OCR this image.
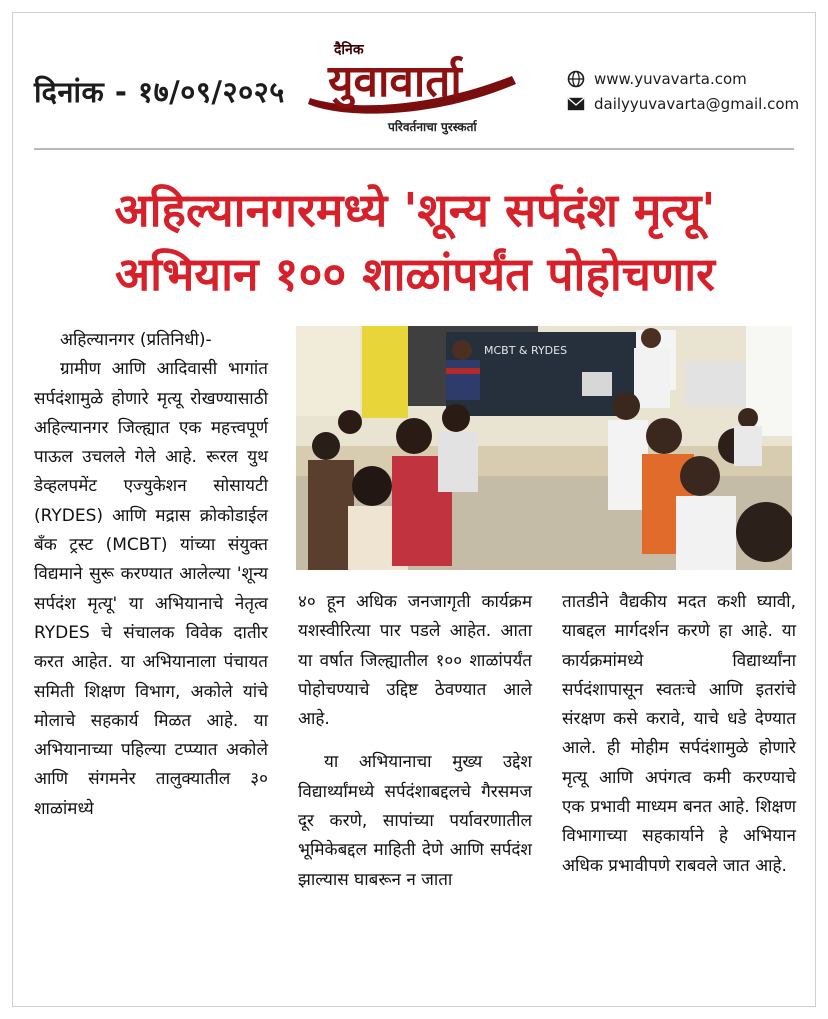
दिनांक - १७/०९/२०२५
दैनिक
युवावार्ता
परिवर्तनाचा पुरस्कर्ता
www.yuvavarta.com
dailyyuvavarta@gmail.com
अहिल्यानगरमध्ये 'शून्य सर्पदंश मृत्यू'
अभियान १०० शाळांपर्यंत पोहोचणार

अहिल्यानगर (प्रतिनिधी)-

ग्रामीण आणि आदिवासी भागांत सर्पदंशामुळे होणारे मृत्यू रोखण्यासाठी अहिल्यानगर जिल्ह्यात एक महत्त्वपूर्ण पाऊल उचलले गेले आहे. रूरल युथ डेव्हलपमेंट एज्युकेशन सोसायटी (RYDES) आणि मद्रास क्रोकोडाईल बँक ट्रस्ट (MCBT) यांच्या संयुक्त विद्यमाने सुरू करण्यात आलेल्या 'शून्य सर्पदंश मृत्यू' या अभियानाचे नेतृत्व RYDES चे संचालक विवेक दातीर करत आहेत. या अभियानाला पंचायत समिती शिक्षण विभाग, अकोले यांचे मोलाचे सहकार्य मिळत आहे. या अभियानाच्या पहिल्या टप्प्यात अकोले आणि संगमनेर तालुक्यातील ३० शाळांमध्ये

MCBT & RYDES

४० हून अधिक जनजागृती कार्यक्रम यशस्वीरित्या पार पडले आहेत. आता या वर्षात जिल्ह्यातील १०० शाळांपर्यंत पोहोचण्याचे उद्दिष्ट ठेवण्यात आले आहे.

या अभियानाचा मुख्य उद्देश विद्यार्थ्यांमध्ये सर्पदंशाबद्दलचे गैरसमज दूर करणे, सापांच्या पर्यावरणातील भूमिकेबद्दल माहिती देणे आणि सर्पदंश झाल्यास घाबरून न जाता

तातडीने वैद्यकीय मदत कशी घ्यावी, याबद्दल मार्गदर्शन करणे हा आहे. या कार्यक्रमांमध्ये विद्यार्थ्यांना सर्पदंशापासून स्वतःचे आणि इतरांचे संरक्षण कसे करावे, याचे धडे देण्यात आले. ही मोहीम सर्पदंशामुळे होणारे मृत्यू आणि अपंगत्व कमी करण्याचे एक प्रभावी माध्यम बनत आहे. शिक्षण विभागाच्या सहकार्याने हे अभियान अधिक प्रभावीपणे राबवले जात आहे.
